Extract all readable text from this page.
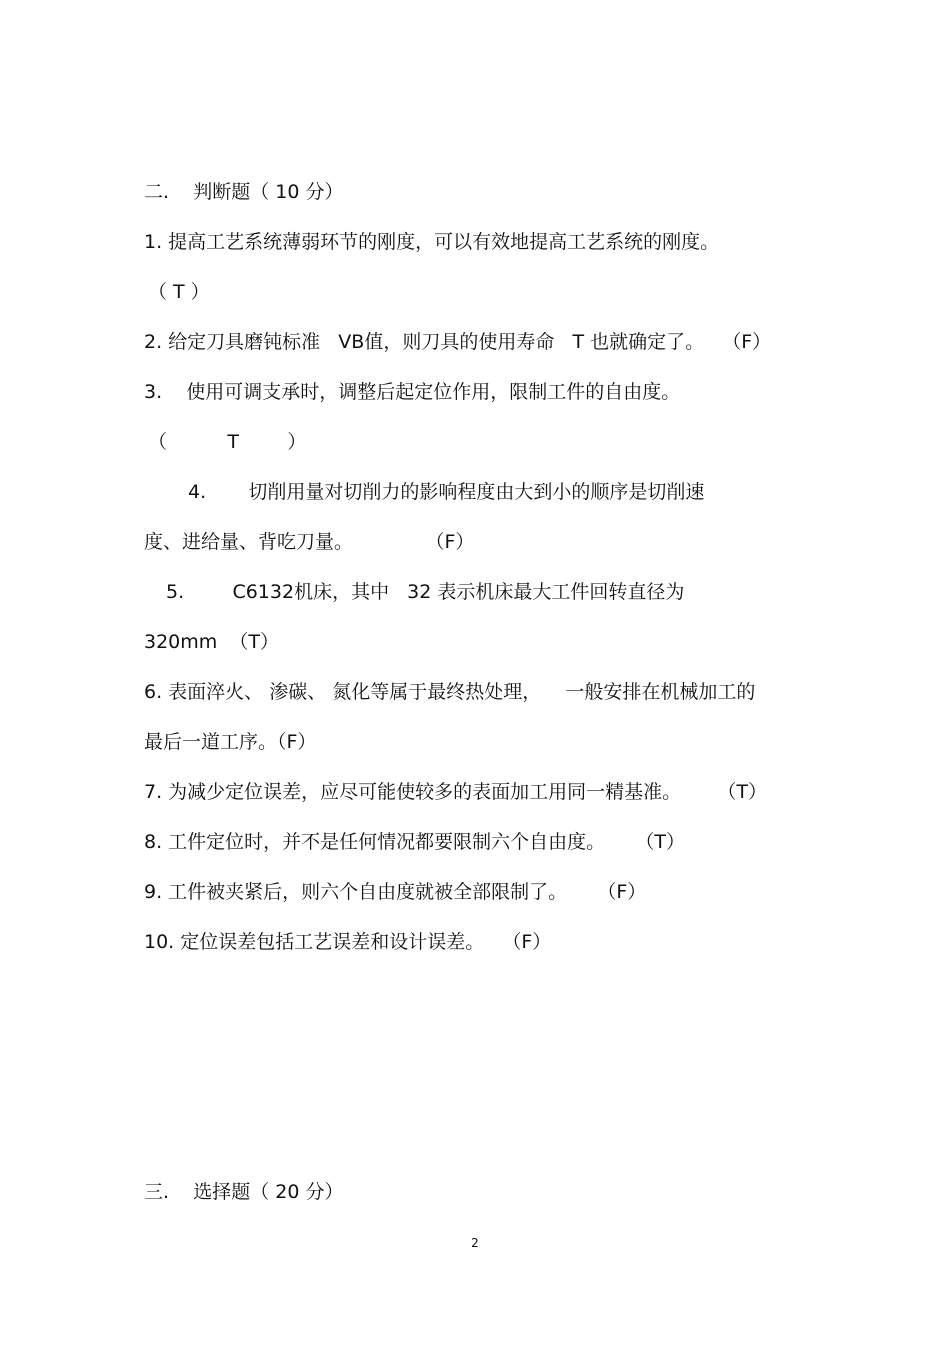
二.    判断题（ 10 分）

1. 提高工艺系统薄弱环节的刚度，可以有效地提高工艺系统的刚度。

（ T ）

2. 给定刀具磨钝标准   VB值，则刀具的使用寿命   T 也就确定了。   （F）

3.    使用可调支承时，调整后起定位作用，限制工件的自由度。

（          T        ）

4.       切削用量对切削力的影响程度由大到小的顺序是切削速

度、进给量、背吃刀量。            （F）

5.        C6132机床，其中   32 表示机床最大工件回转直径为

320mm  （T）

6. 表面淬火、 渗碳、 氮化等属于最终热处理，    一般安排在机械加工的

最后一道工序。（F）

7. 为减少定位误差，应尽可能使较多的表面加工用同一精基准。      （T）

8. 工件定位时，并不是任何情况都要限制六个自由度。     （T）

9. 工件被夹紧后，则六个自由度就被全部限制了。     （F）

10. 定位误差包括工艺误差和设计误差。   （F）

三.    选择题（ 20 分）

2
